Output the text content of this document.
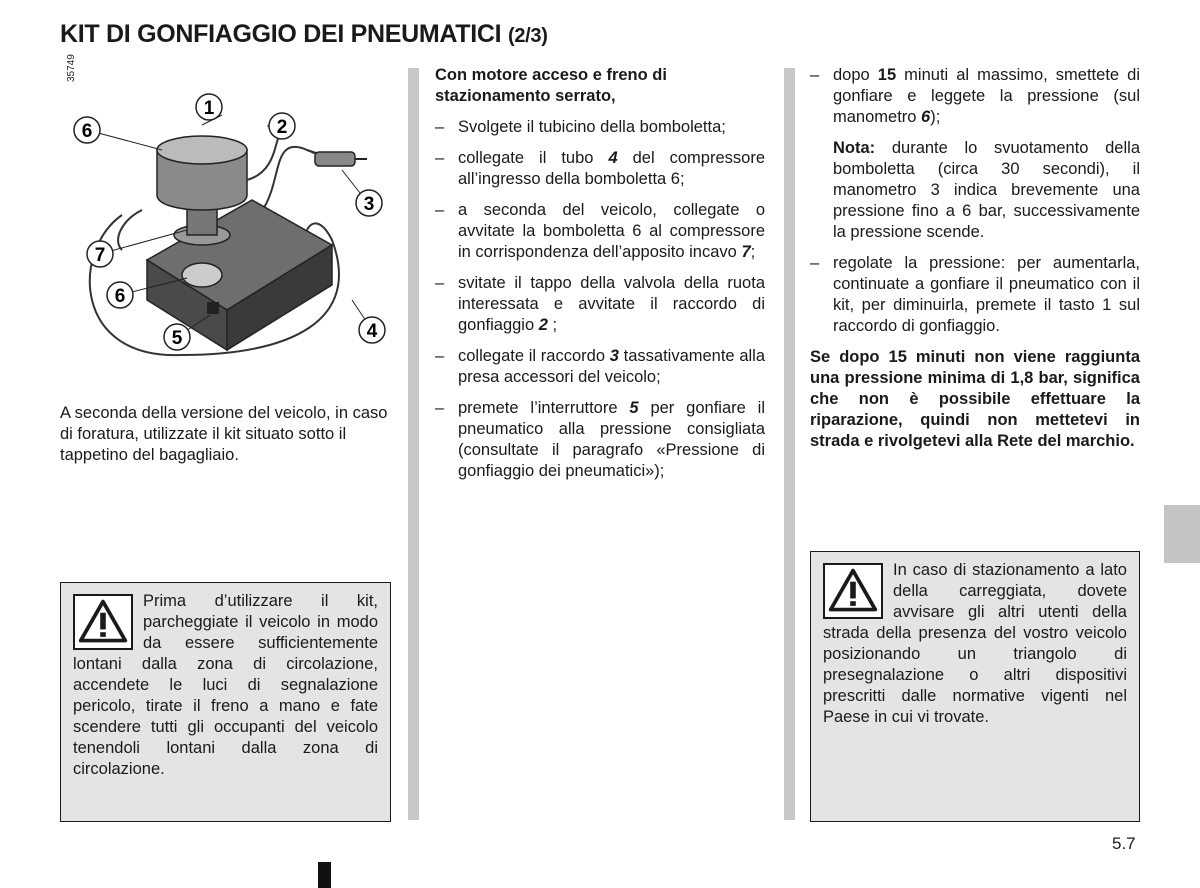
KIT DI GONFIAGGIO DEI PNEUMATICI (2/3)
35749
1
2
3
4
5
6
6
7
A seconda della versione del veicolo, in caso di foratura, utilizzate il kit situato sotto il tappetino del bagagliaio.
Prima d’utilizzare il kit, parcheggiate il veicolo in modo da essere sufficientemente lontani dalla zona di circolazione, accendete le luci di segnalazione pericolo, tirate il freno a mano e fate scendere tutti gli occupanti del veicolo tenendoli lontani dalla zona di circolazione.

Con motore acceso e freno di stazionamento serrato,

– Svolgete il tubicino della bomboletta;

– collegate il tubo 4 del compressore all’ingresso della bomboletta 6;

– a seconda del veicolo, collegate o avvitate la bomboletta 6 al compressore in corrispondenza dell’apposito incavo 7;

– svitate il tappo della valvola della ruota interessata e avvitate il raccordo di gonfiaggio 2 ;

– collegate il raccordo 3 tassativamente alla presa accessori del veicolo;

– premete l’interruttore 5 per gonfiare il pneumatico alla pressione consigliata (consultate il paragrafo «Pressione di gonfiaggio dei pneumatici»);

– dopo 15 minuti al massimo, smettete di gonfiare e leggete la pressione (sul manometro 6);

Nota: durante lo svuotamento della bomboletta (circa 30 secondi), il manometro 3 indica brevemente una pressione fino a 6 bar, successivamente la pressione scende.

– regolate la pressione: per aumentarla, continuate a gonfiare il pneumatico con il kit, per diminuirla, premete il tasto 1 sul raccordo di gonfiaggio.

Se dopo 15 minuti non viene raggiunta una pressione minima di 1,8 bar, significa che non è possibile effettuare la riparazione, quindi non mettetevi in strada e rivolgetevi alla Rete del marchio.

In caso di stazionamento a lato della carreggiata, dovete avvisare gli altri utenti della strada della presenza del vostro veicolo posizionando un triangolo di presegnalazione o altri dispositivi prescritti dalle normative vigenti nel Paese in cui vi trovate.
5.7
